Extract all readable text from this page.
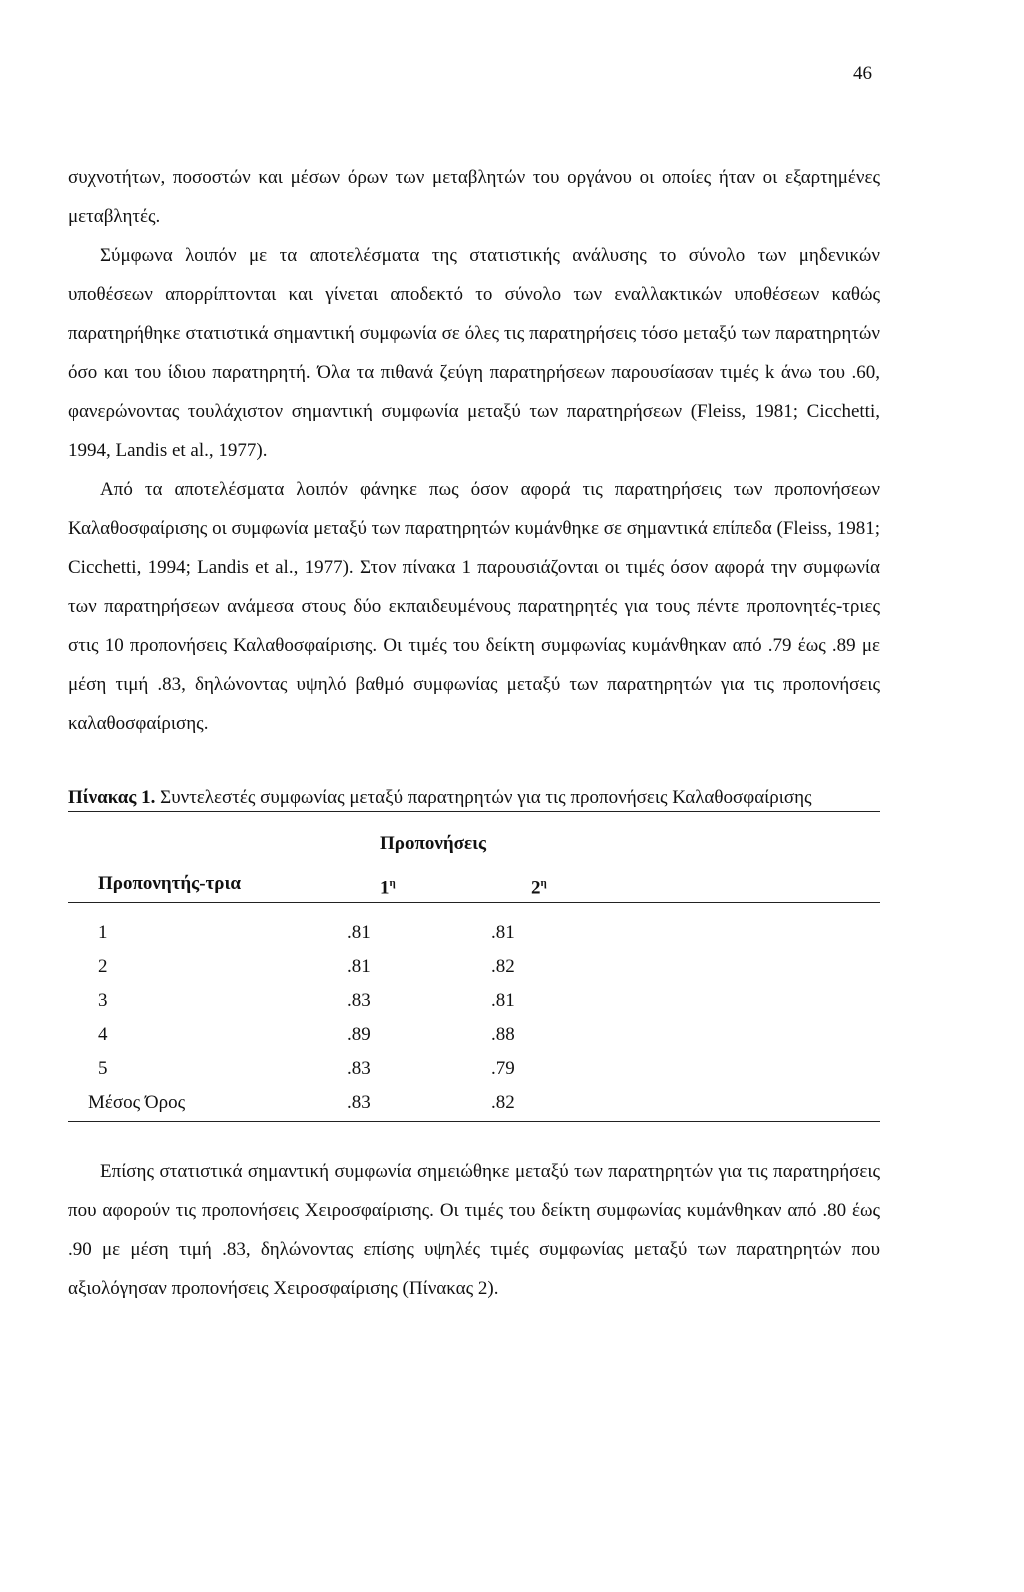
46

συχνοτήτων, ποσοστών και μέσων όρων των μεταβλητών του οργάνου οι οποίες ήταν οι εξαρτημένες μεταβλητές.

Σύμφωνα λοιπόν με τα αποτελέσματα της στατιστικής ανάλυσης το σύνολο των μηδενικών υποθέσεων απορρίπτονται και γίνεται αποδεκτό το σύνολο των εναλλακτικών υποθέσεων καθώς παρατηρήθηκε στατιστικά σημαντική συμφωνία σε όλες τις παρατηρήσεις τόσο μεταξύ των παρατηρητών όσο και του ίδιου παρατηρητή. Όλα τα πιθανά ζεύγη παρατηρήσεων παρουσίασαν τιμές k άνω του .60, φανερώνοντας τουλάχιστον σημαντική συμφωνία μεταξύ των παρατηρήσεων (Fleiss, 1981; Cicchetti, 1994, Landis et al., 1977).

Από τα αποτελέσματα λοιπόν φάνηκε πως όσον αφορά τις παρατηρήσεις των προπονήσεων Καλαθοσφαίρισης οι συμφωνία μεταξύ των παρατηρητών κυμάνθηκε σε σημαντικά επίπεδα (Fleiss, 1981; Cicchetti, 1994; Landis et al., 1977). Στον πίνακα 1 παρουσιάζονται οι τιμές όσον αφορά την συμφωνία των παρατηρήσεων ανάμεσα στους δύο εκπαιδευμένους παρατηρητές για τους πέντε προπονητές-τριες στις 10 προπονήσεις Καλαθοσφαίρισης. Οι τιμές του δείκτη συμφωνίας κυμάνθηκαν από .79 έως .89 με μέση τιμή .83, δηλώνοντας υψηλό βαθμό συμφωνίας μεταξύ των παρατηρητών για τις προπονήσεις καλαθοσφαίρισης.

Πίνακας 1. Συντελεστές συμφωνίας μεταξύ παρατηρητών για τις προπονήσεις Καλαθοσφαίρισης

Προπονήσεις
Προπονητής-τρια	$1^\eta$	$2^\eta$
1	.81	.81
2	.81	.82
3	.83	.81
4	.89	.88
5	.83	.79
Μέσος Όρος	.83	.82

Επίσης στατιστικά σημαντική συμφωνία σημειώθηκε μεταξύ των παρατηρητών για τις παρατηρήσεις που αφορούν τις προπονήσεις Χειροσφαίρισης. Οι τιμές του δείκτη συμφωνίας κυμάνθηκαν από .80 έως .90 με μέση τιμή .83, δηλώνοντας επίσης υψηλές τιμές συμφωνίας μεταξύ των παρατηρητών που αξιολόγησαν προπονήσεις Χειροσφαίρισης (Πίνακας 2).
